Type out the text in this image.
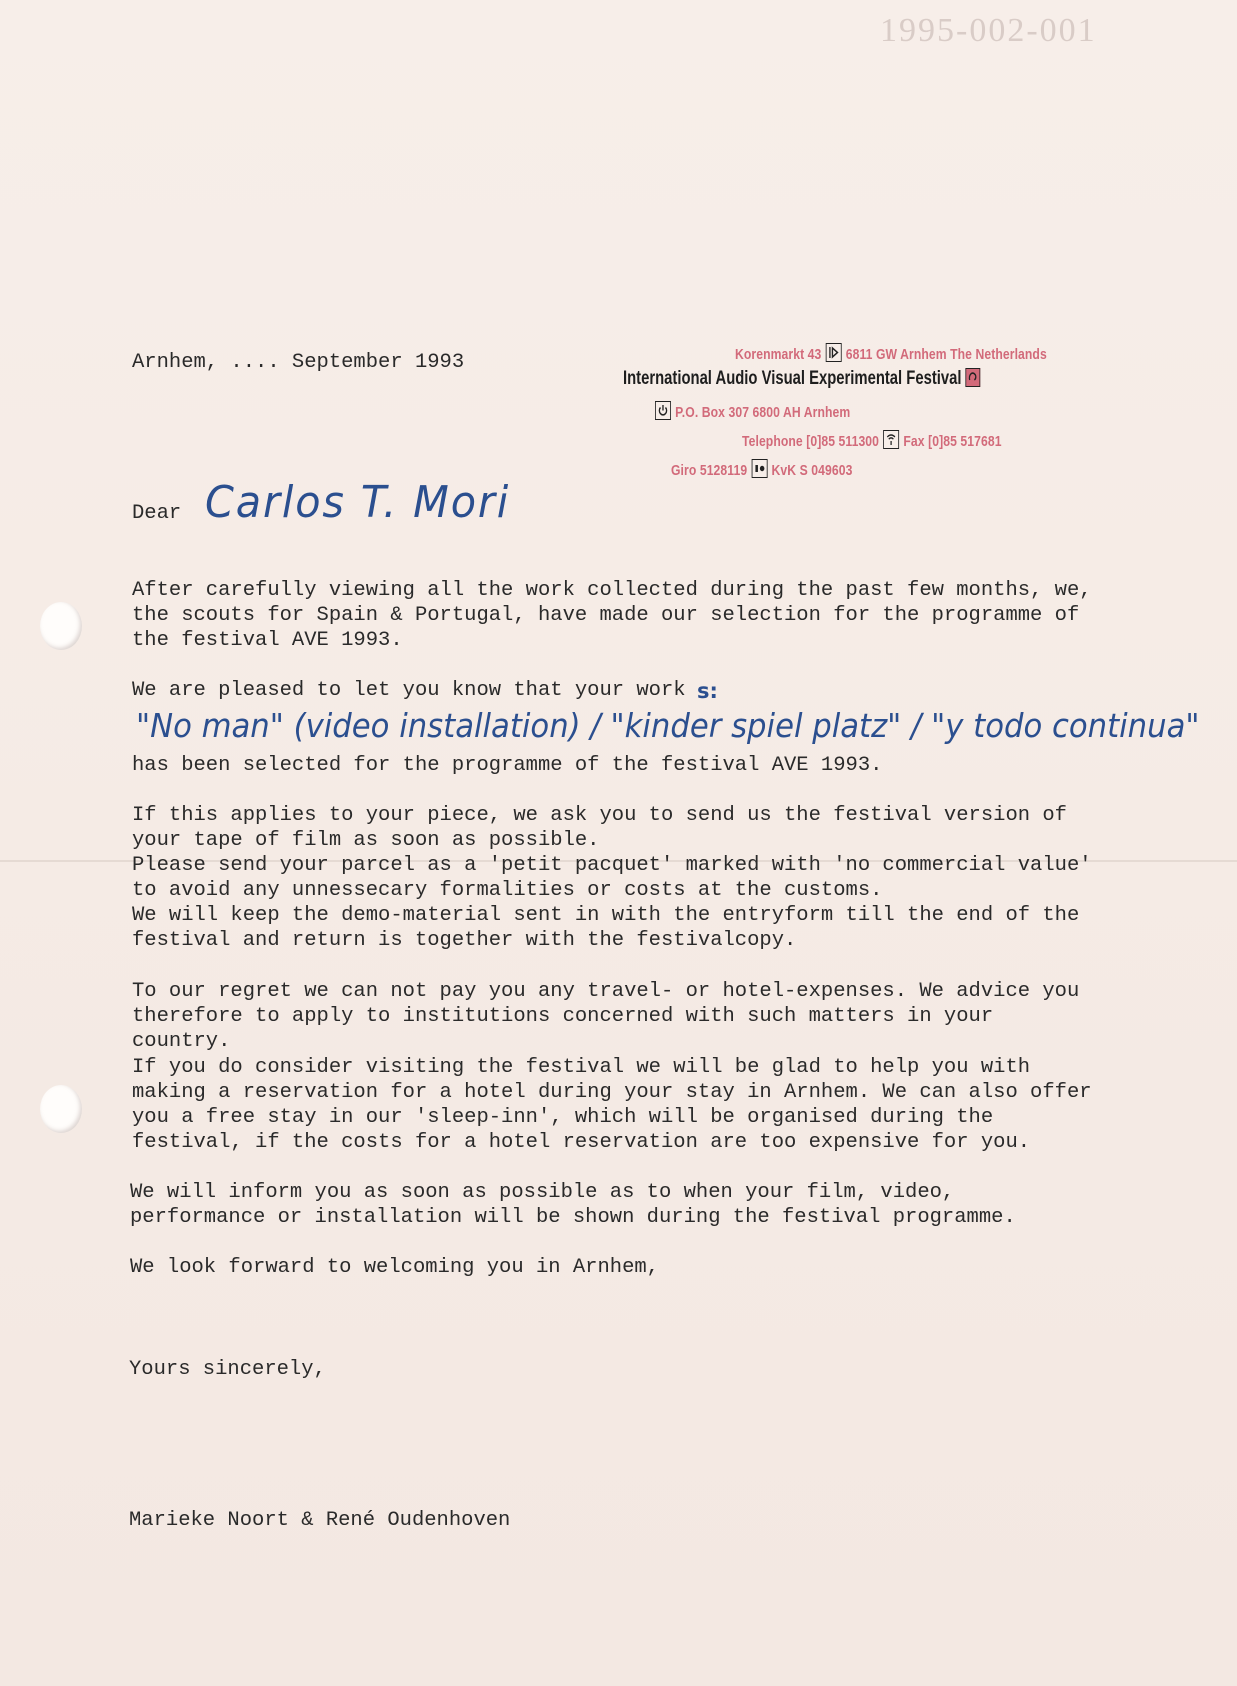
1995-002-001
Korenmarkt 43 6811 GW Arnhem The Netherlands
International Audio Visual Experimental Festival
P.O. Box 307 6800 AH Arnhem
Telephone [0]85 511300 Fax [0]85 517681
Giro 5128119 KvK S 049603
Arnhem, .... September 1993
Dear Carlos T. Mori
After carefully viewing all the work collected during the past few months, we,
the scouts for Spain & Portugal, have made our selection for the programme of
the festival AVE 1993.
We are pleased to let you know that your work s:
"No man" (video installation) / "kinder spiel platz" / "y todo continua"
has been selected for the programme of the festival AVE 1993.
If this applies to your piece, we ask you to send us the festival version of
your tape of film as soon as possible.
Please send your parcel as a 'petit pacquet' marked with 'no commercial value'
to avoid any unnessecary formalities or costs at the customs.
We will keep the demo-material sent in with the entryform till the end of the
festival and return is together with the festivalcopy.
To our regret we can not pay you any travel- or hotel-expenses. We advice you
therefore to apply to institutions concerned with such matters in your
country.
If you do consider visiting the festival we will be glad to help you with
making a reservation for a hotel during your stay in Arnhem. We can also offer
you a free stay in our 'sleep-inn', which will be organised during the
festival, if the costs for a hotel reservation are too expensive for you.
We will inform you as soon as possible as to when your film, video,
performance or installation will be shown during the festival programme.
We look forward to welcoming you in Arnhem,
Yours sincerely,
Marieke Noort & René Oudenhoven
